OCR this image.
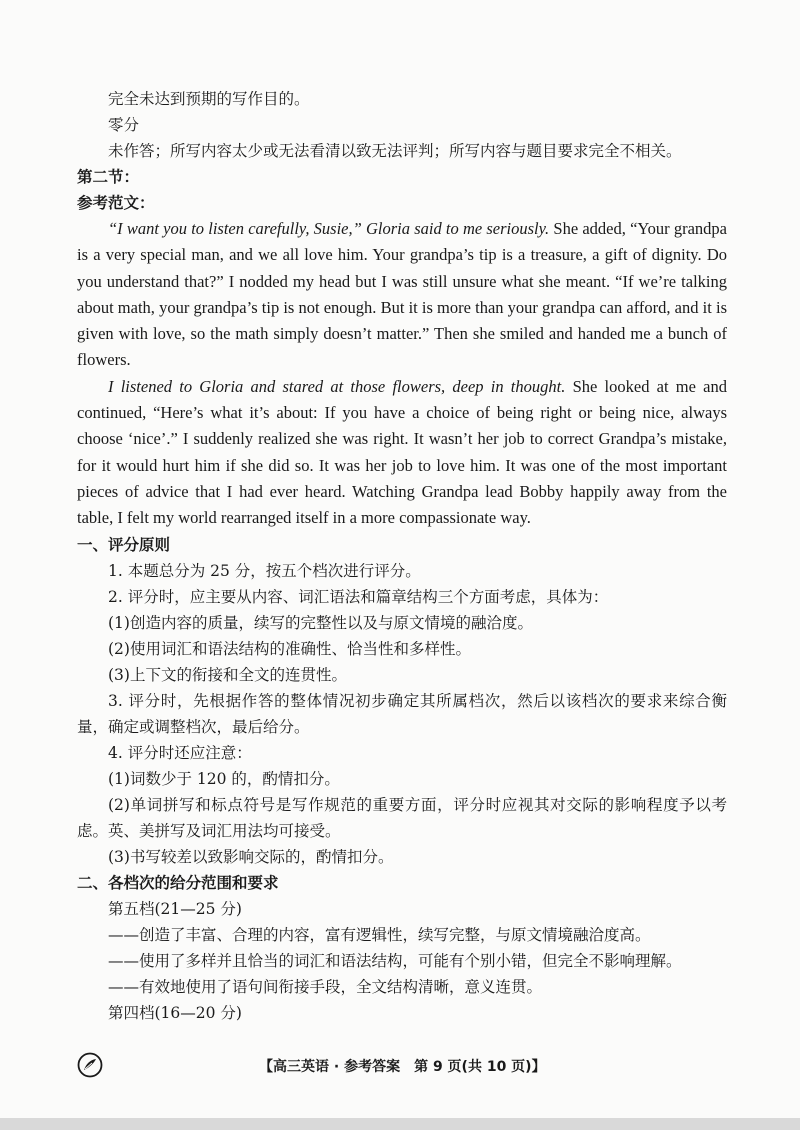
完全未达到预期的写作目的。

零分

未作答；所写内容太少或无法看清以致无法评判；所写内容与题目要求完全不相关。

第二节：

参考范文：

“I want you to listen carefully, Susie,” Gloria said to me seriously. She added, “Your grandpa is a very special man, and we all love him. Your grandpa’s tip is a treasure, a gift of dignity. Do you understand that?” I nodded my head but I was still unsure what she meant. “If we’re talking about math, your grandpa’s tip is not enough. But it is more than your grandpa can afford, and it is given with love, so the math simply doesn’t matter.” Then she smiled and handed me a bunch of flowers.

I listened to Gloria and stared at those flowers, deep in thought. She looked at me and continued, “Here’s what it’s about: If you have a choice of being right or being nice, always choose ‘nice’.” I suddenly realized she was right. It wasn’t her job to correct Grandpa’s mistake, for it would hurt him if she did so. It was her job to love him. It was one of the most important pieces of advice that I had ever heard. Watching Grandpa lead Bobby happily away from the table, I felt my world rearranged itself in a more compassionate way.

一、评分原则

1. 本题总分为 25 分，按五个档次进行评分。

2. 评分时，应主要从内容、词汇语法和篇章结构三个方面考虑，具体为：

(1)创造内容的质量，续写的完整性以及与原文情境的融洽度。

(2)使用词汇和语法结构的准确性、恰当性和多样性。

(3)上下文的衔接和全文的连贯性。

3. 评分时，先根据作答的整体情况初步确定其所属档次，然后以该档次的要求来综合衡量，确定或调整档次，最后给分。

4. 评分时还应注意：

(1)词数少于 120 的，酌情扣分。

(2)单词拼写和标点符号是写作规范的重要方面，评分时应视其对交际的影响程度予以考虑。英、美拼写及词汇用法均可接受。

(3)书写较差以致影响交际的，酌情扣分。

二、各档次的给分范围和要求

第五档(21—25 分)

——创造了丰富、合理的内容，富有逻辑性，续写完整，与原文情境融洽度高。

——使用了多样并且恰当的词汇和语法结构，可能有个别小错，但完全不影响理解。

——有效地使用了语句间衔接手段，全文结构清晰，意义连贯。

第四档(16—20 分)

【高三英语 · 参考答案　第 9 页(共 10 页)】
